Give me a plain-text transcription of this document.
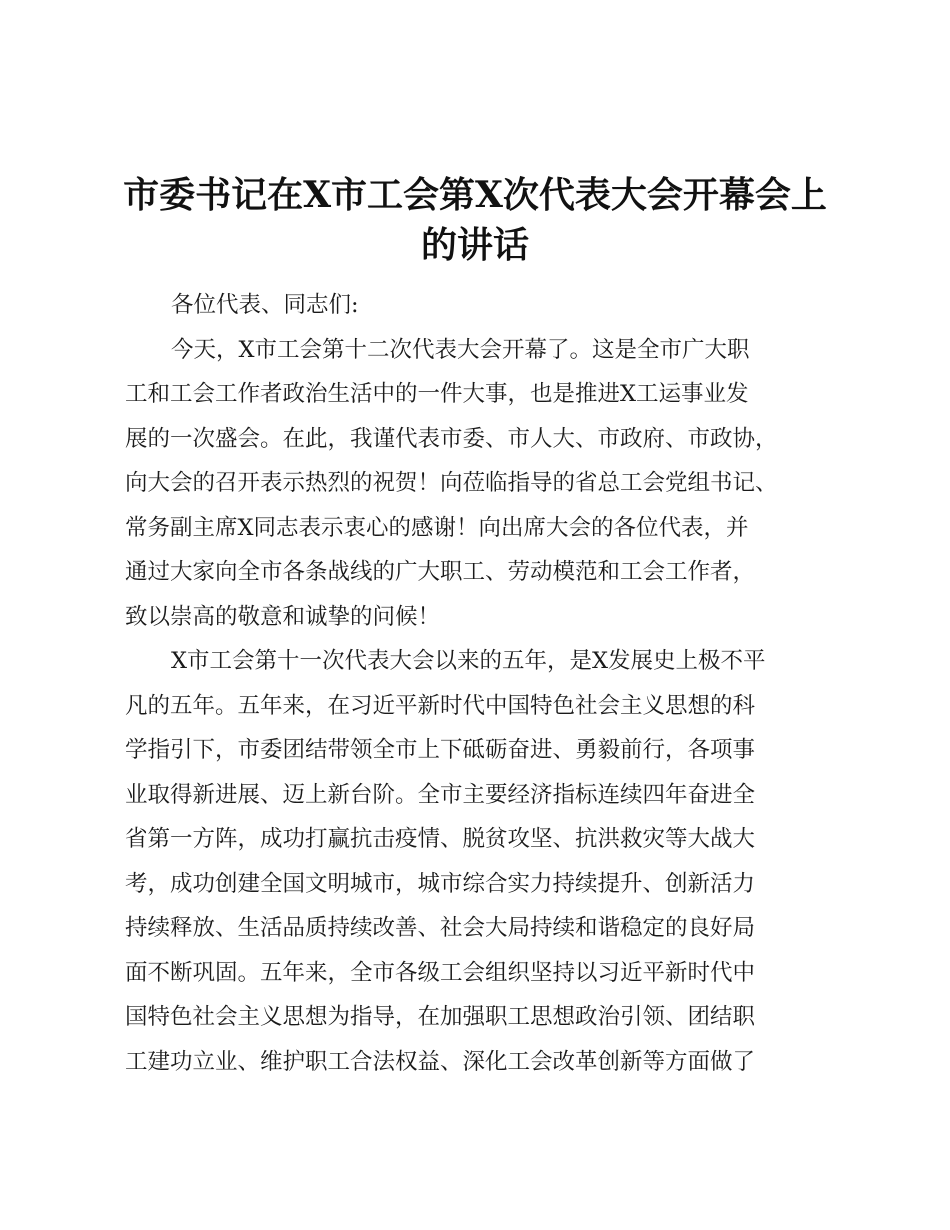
市委书记在X市工会第X次代表大会开幕会上
的讲话
各位代表、同志们:
今天，X市工会第十二次代表大会开幕了。这是全市广大职
工和工会工作者政治生活中的一件大事，也是推进X工运事业发
展的一次盛会。在此，我谨代表市委、市人大、市政府、市政协，
向大会的召开表示热烈的祝贺！向莅临指导的省总工会党组书记、
常务副主席X同志表示衷心的感谢！向出席大会的各位代表，并
通过大家向全市各条战线的广大职工、劳动模范和工会工作者，
致以崇高的敬意和诚挚的问候！
X市工会第十一次代表大会以来的五年，是X发展史上极不平
凡的五年。五年来，在习近平新时代中国特色社会主义思想的科
学指引下，市委团结带领全市上下砥砺奋进、勇毅前行，各项事
业取得新进展、迈上新台阶。全市主要经济指标连续四年奋进全
省第一方阵，成功打赢抗击疫情、脱贫攻坚、抗洪救灾等大战大
考，成功创建全国文明城市，城市综合实力持续提升、创新活力
持续释放、生活品质持续改善、社会大局持续和谐稳定的良好局
面不断巩固。五年来，全市各级工会组织坚持以习近平新时代中
国特色社会主义思想为指导，在加强职工思想政治引领、团结职
工建功立业、维护职工合法权益、深化工会改革创新等方面做了
